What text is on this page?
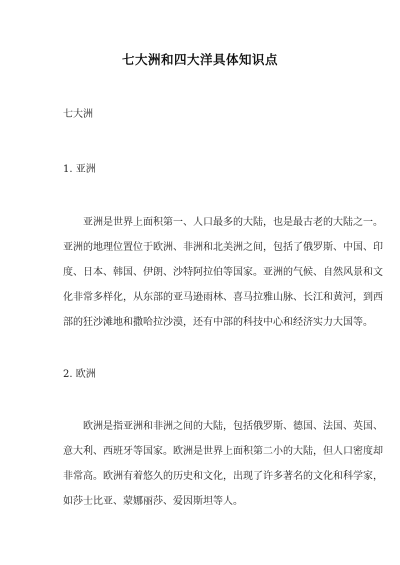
七大洲和四大洋具体知识点
七大洲
1. 亚洲
亚洲是世界上面积第一、人口最多的大陆，也是最古老的大陆之一。
亚洲的地理位置位于欧洲、非洲和北美洲之间，包括了俄罗斯、中国、印
度、日本、韩国、伊朗、沙特阿拉伯等国家。亚洲的气候、自然风景和文
化非常多样化，从东部的亚马逊雨林、喜马拉雅山脉、长江和黄河，到西
部的狂沙滩地和撒哈拉沙漠，还有中部的科技中心和经济实力大国等。
2. 欧洲
欧洲是指亚洲和非洲之间的大陆，包括俄罗斯、德国、法国、英国、
意大利、西班牙等国家。欧洲是世界上面积第二小的大陆，但人口密度却
非常高。欧洲有着悠久的历史和文化，出现了许多著名的文化和科学家，
如莎士比亚、蒙娜丽莎、爱因斯坦等人。
